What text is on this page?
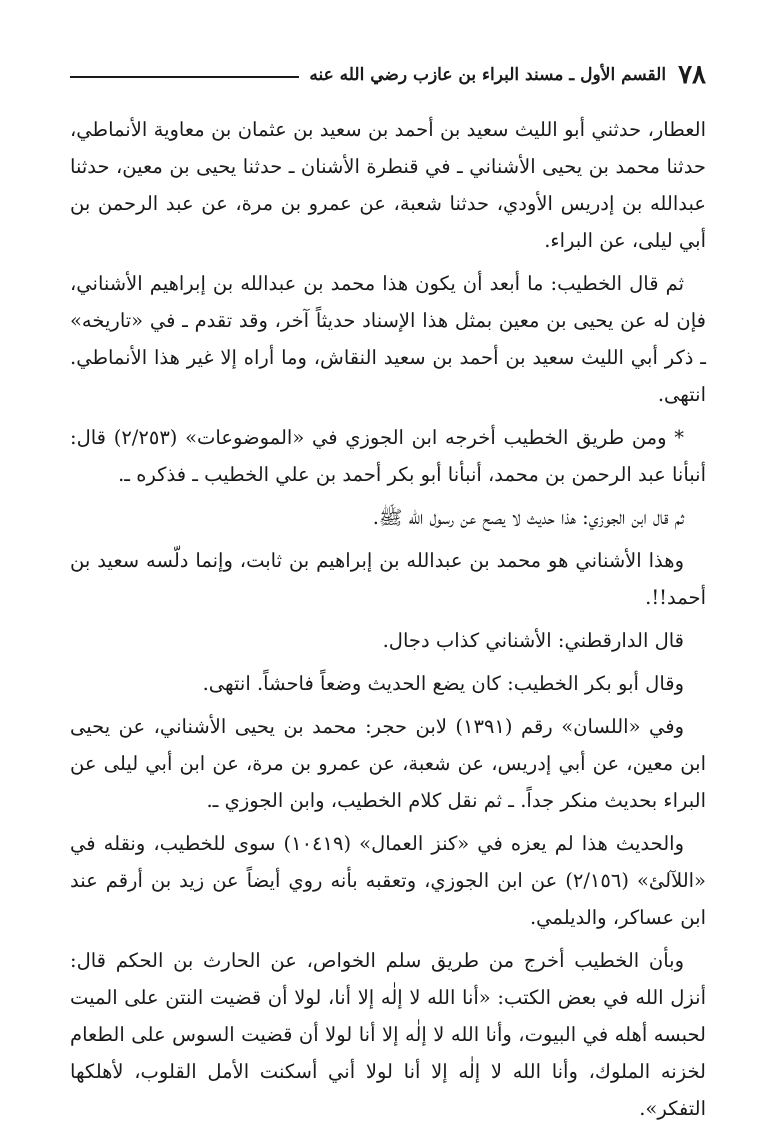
٧٨
القسم الأول ـ مسند البراء بن عازب رضي الله عنه

العطار، حدثني أبو الليث سعيد بن أحمد بن سعيد بن عثمان بن معاوية الأنماطي، حدثنا محمد بن يحيى الأشناني ـ في قنطرة الأشنان ـ حدثنا يحيى بن معين، حدثنا عبدالله بن إدريس الأودي، حدثنا شعبة، عن عمرو بن مرة، عن عبد الرحمن بن أبي ليلى، عن البراء.

ثم قال الخطيب: ما أبعد أن يكون هذا محمد بن عبدالله بن إبراهيم الأشناني، فإن له عن يحيى بن معين بمثل هذا الإسناد حديثاً آخر، وقد تقدم ـ في «تاريخه» ـ ذكر أبي الليث سعيد بن أحمد بن سعيد النقاش، وما أراه إلا غير هذا الأنماطي. انتهى.

* ومن طريق الخطيب أخرجه ابن الجوزي في «الموضوعات» (٢/٢٥٣) قال: أنبأنا عبد الرحمن بن محمد، أنبأنا أبو بكر أحمد بن علي الخطيب ـ فذكره ـ.

ثم قال ابن الجوزي: هذا حديث لا يصح عن رسول الله ﷺ.

وهذا الأشناني هو محمد بن عبدالله بن إبراهيم بن ثابت، وإنما دلّسه سعيد بن أحمد!!.

قال الدارقطني: الأشناني كذاب دجال.

وقال أبو بكر الخطيب: كان يضع الحديث وضعاً فاحشاً. انتهى.

وفي «اللسان» رقم (١٣٩١) لابن حجر: محمد بن يحيى الأشناني، عن يحيى ابن معين، عن أبي إدريس، عن شعبة، عن عمرو بن مرة، عن ابن أبي ليلى عن البراء بحديث منكر جداً. ـ ثم نقل كلام الخطيب، وابن الجوزي ـ.

والحديث هذا لم يعزه في «كنز العمال» (١٠٤١٩) سوى للخطيب، ونقله في «اللآلئ» (٢/١٥٦) عن ابن الجوزي، وتعقبه بأنه روي أيضاً عن زيد بن أرقم عند ابن عساكر، والديلمي.

وبأن الخطيب أخرج من طريق سلم الخواص، عن الحارث بن الحكم قال: أنزل الله في بعض الكتب: «أنا الله لا إلٰه إلا أنا، لولا أن قضيت النتن على الميت لحبسه أهله في البيوت، وأنا الله لا إلٰه إلا أنا لولا أن قضيت السوس على الطعام لخزنه الملوك، وأنا الله لا إلٰه إلا أنا لولا أني أسكنت الأمل القلوب، لأهلكها التفكر».
